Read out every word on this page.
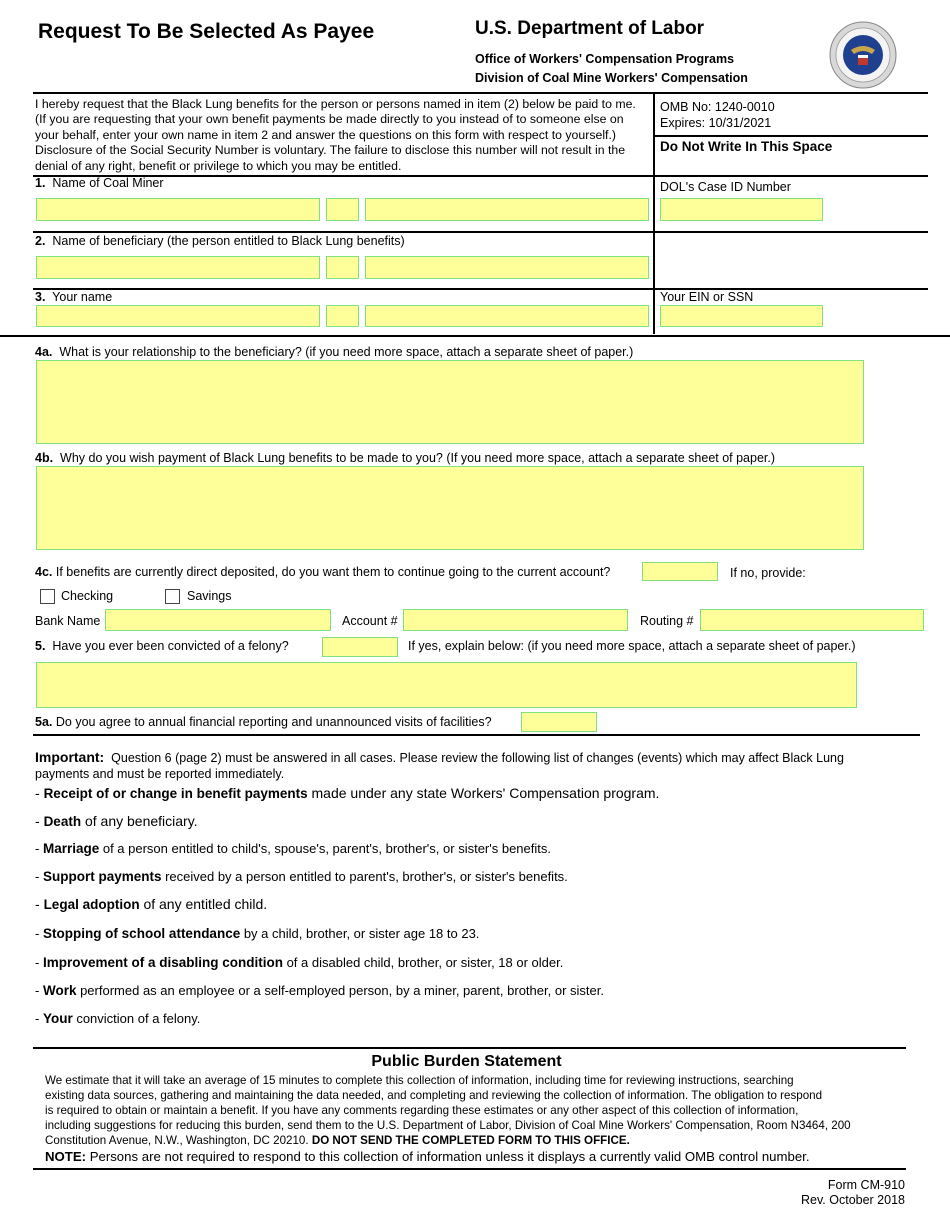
Request To Be Selected As Payee	U.S. Department of Labor
Office of Workers' Compensation Programs
Division of Coal Mine Workers' Compensation
I hereby request that the Black Lung benefits for the person or persons named in item (2) below be paid to me. (If you are requesting that your own benefit payments be made directly to you instead of to someone else on your behalf, enter your own name in item 2 and answer the questions on this form with respect to yourself.) Disclosure of the Social Security Number is voluntary. The failure to disclose this number will not result in the denial of any right, benefit or privilege to which you may be entitled.
OMB No: 1240-0010
Expires: 10/31/2021
Do Not Write In This Space
1. Name of Coal Miner	DOL's Case ID Number
2. Name of beneficiary (the person entitled to Black Lung benefits)
3. Your name	Your EIN or SSN
4a. What is your relationship to the beneficiary? (if you need more space, attach a separate sheet of paper.)
4b. Why do you wish payment of Black Lung benefits to be made to you? (If you need more space, attach a separate sheet of paper.)
4c. If benefits are currently direct deposited, do you want them to continue going to the current account?	If no, provide:
Checking	Savings
Bank Name	Account #	Routing #
5. Have you ever been convicted of a felony?	If yes, explain below: (if you need more space, attach a separate sheet of paper.)
5a. Do you agree to annual financial reporting and unannounced visits of facilities?
Important: Question 6 (page 2) must be answered in all cases. Please review the following list of changes (events) which may affect Black Lung
payments and must be reported immediately.
- Receipt of or change in benefit payments made under any state Workers' Compensation program.
- Death of any beneficiary.
- Marriage of a person entitled to child's, spouse's, parent's, brother's, or sister's benefits.
- Support payments received by a person entitled to parent's, brother's, or sister's benefits.
- Legal adoption of any entitled child.
- Stopping of school attendance by a child, brother, or sister age 18 to 23.
- Improvement of a disabling condition of a disabled child, brother, or sister, 18 or older.
- Work performed as an employee or a self-employed person, by a miner, parent, brother, or sister.
- Your conviction of a felony.
Public Burden Statement
We estimate that it will take an average of 15 minutes to complete this collection of information, including time for reviewing instructions, searching
existing data sources, gathering and maintaining the data needed, and completing and reviewing the collection of information. The obligation to respond
is required to obtain or maintain a benefit. If you have any comments regarding these estimates or any other aspect of this collection of information,
including suggestions for reducing this burden, send them to the U.S. Department of Labor, Division of Coal Mine Workers' Compensation, Room N3464, 200
Constitution Avenue, N.W., Washington, DC 20210. DO NOT SEND THE COMPLETED FORM TO THIS OFFICE.
NOTE: Persons are not required to respond to this collection of information unless it displays a currently valid OMB control number.
Form CM-910
Rev. October 2018
